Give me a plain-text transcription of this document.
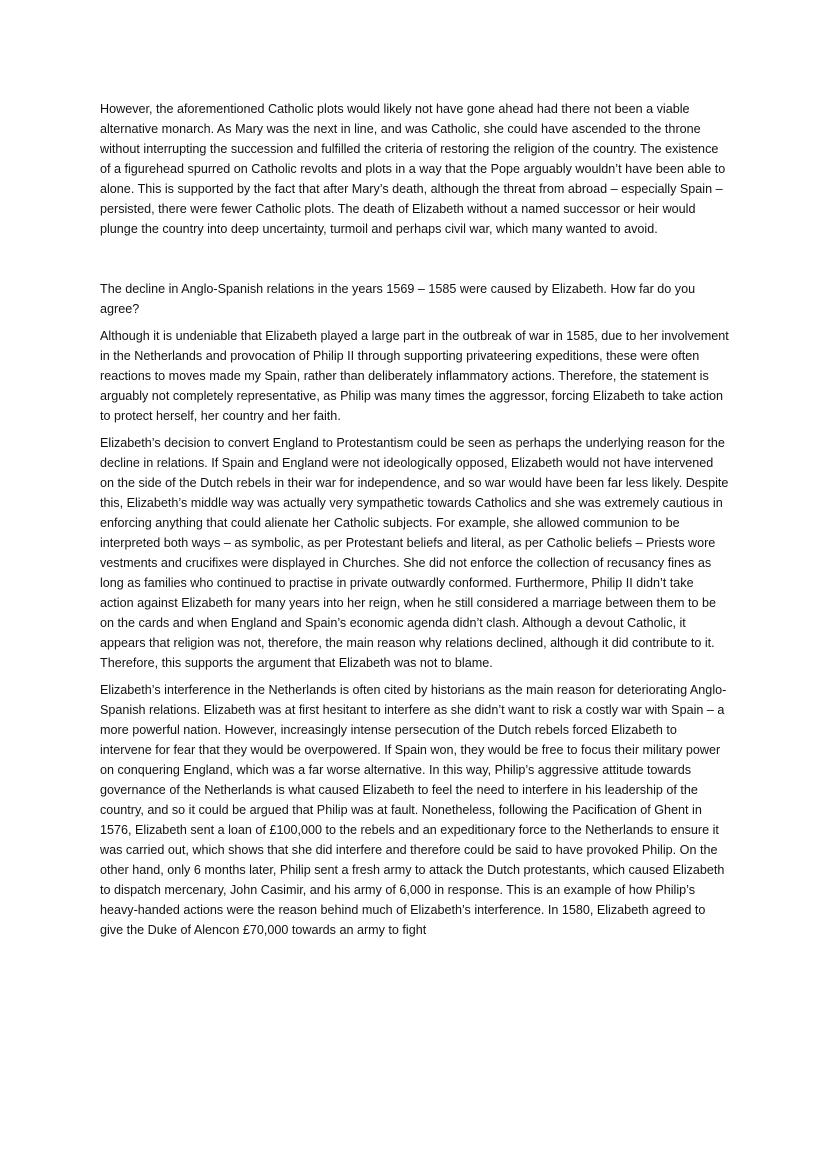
However, the aforementioned Catholic plots would likely not have gone ahead had there not been a viable alternative monarch. As Mary was the next in line, and was Catholic, she could have ascended to the throne without interrupting the succession and fulfilled the criteria of restoring the religion of the country. The existence of a figurehead spurred on Catholic revolts and plots in a way that the Pope arguably wouldn’t have been able to alone. This is supported by the fact that after Mary’s death, although the threat from abroad – especially Spain – persisted, there were fewer Catholic plots. The death of Elizabeth without a named successor or heir would plunge the country into deep uncertainty, turmoil and perhaps civil war, which many wanted to avoid.

The decline in Anglo-Spanish relations in the years 1569 – 1585 were caused by Elizabeth. How far do you agree?

Although it is undeniable that Elizabeth played a large part in the outbreak of war in 1585, due to her involvement in the Netherlands and provocation of Philip II through supporting privateering expeditions, these were often reactions to moves made my Spain, rather than deliberately inflammatory actions. Therefore, the statement is arguably not completely representative, as Philip was many times the aggressor, forcing Elizabeth to take action to protect herself, her country and her faith.

Elizabeth’s decision to convert England to Protestantism could be seen as perhaps the underlying reason for the decline in relations. If Spain and England were not ideologically opposed, Elizabeth would not have intervened on the side of the Dutch rebels in their war for independence, and so war would have been far less likely. Despite this, Elizabeth’s middle way was actually very sympathetic towards Catholics and she was extremely cautious in enforcing anything that could alienate her Catholic subjects. For example, she allowed communion to be interpreted both ways – as symbolic, as per Protestant beliefs and literal, as per Catholic beliefs – Priests wore vestments and crucifixes were displayed in Churches. She did not enforce the collection of recusancy fines as long as families who continued to practise in private outwardly conformed. Furthermore, Philip II didn’t take action against Elizabeth for many years into her reign, when he still considered a marriage between them to be on the cards and when England and Spain’s economic agenda didn’t clash. Although a devout Catholic, it appears that religion was not, therefore, the main reason why relations declined, although it did contribute to it. Therefore, this supports the argument that Elizabeth was not to blame.

Elizabeth’s interference in the Netherlands is often cited by historians as the main reason for deteriorating Anglo-Spanish relations. Elizabeth was at first hesitant to interfere as she didn’t want to risk a costly war with Spain – a more powerful nation. However, increasingly intense persecution of the Dutch rebels forced Elizabeth to intervene for fear that they would be overpowered. If Spain won, they would be free to focus their military power on conquering England, which was a far worse alternative. In this way, Philip’s aggressive attitude towards governance of the Netherlands is what caused Elizabeth to feel the need to interfere in his leadership of the country, and so it could be argued that Philip was at fault. Nonetheless, following the Pacification of Ghent in 1576, Elizabeth sent a loan of £100,000 to the rebels and an expeditionary force to the Netherlands to ensure it was carried out, which shows that she did interfere and therefore could be said to have provoked Philip. On the other hand, only 6 months later, Philip sent a fresh army to attack the Dutch protestants, which caused Elizabeth to dispatch mercenary, John Casimir, and his army of 6,000 in response. This is an example of how Philip’s heavy-handed actions were the reason behind much of Elizabeth’s interference. In 1580, Elizabeth agreed to give the Duke of Alencon £70,000 towards an army to fight
